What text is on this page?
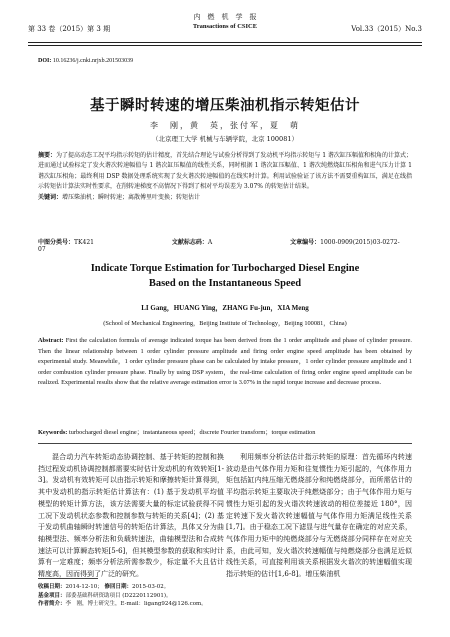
第 33 卷（2015）第 3 期
内　燃　机　学　报
Transactions of CSICE	Vol.33（2015）No.3
DOI: 10.16236/j.cnki.nrjxb.201503039
基于瞬时转速的增压柴油机指示转矩估计
李　刚，黄　英，张付军，夏　萌
（北京理工大学 机械与车辆学院，北京 100081）
摘要：为了提高动态工况平均指示转矩的估计精度，首先结合理论与试验分析得到了发动机平均指示转矩与 1 谐次缸压幅值和相角的计算式；进而通过试验标定了发火谐次转速幅值与 1 谐次缸压幅值的线性关系，同时根据 1 谐次缸压幅值、1 谐次纯燃烧缸压相角和进气压力计算 1 谐次缸压相角；最终利用 DSP 数据处理系统实现了发火谐次转速幅值的在线实时计算。利用试验验证了该方法不需要重构缸压，满足在线指示转矩估计算法实时性要求，在削转速梯度不高情况下得到了相对平均误差为 3.07% 的转矩估计结果。
关键词：增压柴油机；瞬时转速；离散傅里叶变换；转矩估计
中图分类号：TK421	文献标志码：A	文章编号：1000-0909(2015)03-0272-07
Indicate Torque Estimation for Turbocharged Diesel Engine
Based on the Instantaneous Speed
LI Gang，HUANG Ying，ZHANG Fu-jun，XIA Meng
(School of Mechanical Engineering，Beijing Institute of Technology，Beijing 100081，China)
Abstract: First the calculation formula of average indicated torque has been derived from the 1 order amplitude and phase of cylinder pressure. Then the linear relationship between 1 order cylinder pressure amplitude and firing order engine speed amplitude has been obtained by experimental study. Meanwhile，1 order cylinder pressure phase can be calculated by intake pressure，1 order cylinder pressure amplitude and 1 order combustion cylinder pressure phase. Finally by using DSP system，the real-time calculation of firing order engine speed amplitude can be realized. Experimental results show that the relative average estimation error is 3.07% in the rapid torque increase and decrease process.
Keywords: turbocharged diesel engine；instantaneous speed；discrete Fourier transform；torque estimation
混合动力汽车转矩动态协调控制、基于转矩的控制和换挡过程发动机协调控制都需要实时估计发动机的有效转矩[1-3]。发动机有效转矩可以由指示转矩和摩擦转矩计算得到，其中发动机的指示转矩估计算法有：(1) 基于发动机平均值模型的转矩计算方法，该方法需要大量的标定试验获得不同工况下发动机状态参数和控制参数与转矩的关系[4]；(2) 基于发动机曲轴瞬时转速信号的转矩估计算法，具体又分为曲轴模型法、频率分析法和负载转速法，曲轴模型法和合成转速法可以计算瞬态转矩[5-6]，但其模型参数的获取和实时计算有一定难度；频率分析法所需参数少，标定量不大且估计精度高，因而得到了广泛的研究。
利用频率分析法估计指示转矩的原理：首先循环内转速波动是由气体作用力矩和往复惯性力矩引起的，气体作用力矩包括缸内纯压缩无燃烧部分和纯燃烧部分，而所需估计的平均指示转矩主要取决于纯燃烧部分；由于气体作用力矩与惯性力矩引起的发火谐次转速波动的相位差接近 180°，因定转速下发火谐次转速幅值与气体作用力矩满足线性关系[1,7]。由于稳态工况下滤显与进气量存在确定的对应关系，气体作用力矩中的纯燃烧部分与无燃烧部分同样存在对应关系，由此可知，发火谐次转速幅值与纯燃烧部分也满足近似线性关系，可直接利用该关系根据发火谐次的转速幅值实现指示转矩的估计[1,6-8]。增压柴油机
收稿日期：2014-12-10； 修回日期：2015-03-02。
基金项目：部委基础科研资助项目 (D2220112901)。
作者简介：李　刚，博士研究生，E-mail：ligang924@126.com。
